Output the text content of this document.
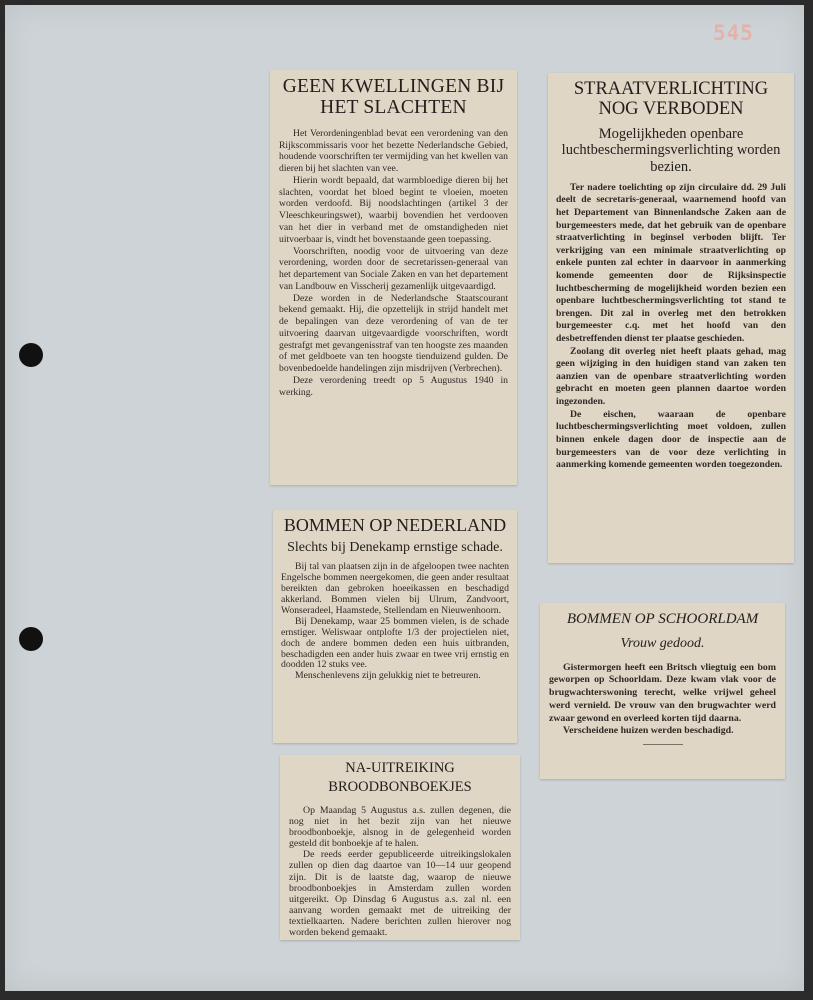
545
GEEN KWELLINGEN BIJ HET SLACHTEN

Het Verordeningenblad bevat een verordening van den Rijkscommissaris voor het bezette Nederlandsche Gebied, houdende voorschriften ter vermijding van het kwellen van dieren bij het slachten van vee.

Hierin wordt bepaald, dat warmbloedige dieren bij het slachten, voordat het bloed begint te vloeien, moeten worden verdoofd. Bij noodslachtingen (artikel 3 der Vleeschkeuringswet), waarbij bovendien het verdooven van het dier in verband met de omstandigheden niet uitvoerbaar is, vindt het bovenstaande geen toepassing.

Voorschriften, noodig voor de uitvoering van deze verordening, worden door de secretarissen-generaal van het departement van Sociale Zaken en van het departement van Landbouw en Visscherij gezamenlijk uitgevaardigd.

Deze worden in de Nederlandsche Staatscourant bekend gemaakt. Hij, die opzettelijk in strijd handelt met de bepalingen van deze verordening of van de ter uitvoering daarvan uitgevaardigde voorschriften, wordt gestrafgt met gevangenisstraf van ten hoogste zes maanden of met geldboete van ten hoogste tienduizend gulden. De bovenbedoelde handelingen zijn misdrijven (Verbrechen).

Deze verordening treedt op 5 Augustus 1940 in werking.

STRAATVERLICHTING NOG VERBODEN
Mogelijkheden openbare luchtbeschermingsverlichting worden bezien.

Ter nadere toelichting op zijn circulaire dd. 29 Juli deelt de secretaris-generaal, waarnemend hoofd van het Departement van Binnenlandsche Zaken aan de burgemeesters mede, dat het gebruik van de openbare straatverlichting in beginsel verboden blijft. Ter verkrijging van een minimale straatverlichting op enkele punten zal echter in daarvoor in aanmerking komende gemeenten door de Rijksinspectie luchtbescherming de mogelijkheid worden bezien een openbare luchtbeschermingsverlichting tot stand te brengen. Dit zal in overleg met den betrokken burgemeester c.q. met het hoofd van den desbetreffenden dienst ter plaatse geschieden.

Zoolang dit overleg niet heeft plaats gehad, mag geen wijziging in den huidigen stand van zaken ten aanzien van de openbare straatverlichting worden gebracht en moeten geen plannen daartoe worden ingezonden.

De eischen, waaraan de openbare luchtbeschermingsverlichting moet voldoen, zullen binnen enkele dagen door de inspectie aan de burgemeesters van de voor deze verlichting in aanmerking komende gemeenten worden toegezonden.

BOMMEN OP NEDERLAND
Slechts bij Denekamp ernstige schade.

Bij tal van plaatsen zijn in de afgeloopen twee nachten Engelsche bommen neergekomen, die geen ander resultaat bereikten dan gebroken hoeeikassen en beschadigd akkerland. Bommen vielen bij Ulrum, Zandvoort, Wonseradeel, Haamstede, Stellendam en Nieuwenhoorn.

Bij Denekamp, waar 25 bommen vielen, is de schade ernstiger. Weliswaar ontplofte 1/3 der projectielen niet, doch de andere bommen deden een huis uitbranden, beschadigden een ander huis zwaar en twee vrij ernstig en doodden 12 stuks vee.

Menschenlevens zijn gelukkig niet te betreuren.

BOMMEN OP SCHOORLDAM
Vrouw gedood.

Gistermorgen heeft een Britsch vliegtuig een bom geworpen op Schoorldam. Deze kwam vlak voor de brugwachterswoning terecht, welke vrijwel geheel werd vernield. De vrouw van den brugwachter werd zwaar gewond en overleed korten tijd daarna.

Verscheidene huizen werden beschadigd.

NA-UITREIKING BROODBONBOEKJES

Op Maandag 5 Augustus a.s. zullen degenen, die nog niet in het bezit zijn van het nieuwe broodbonboekje, alsnog in de gelegenheid worden gesteld dit bonboekje af te halen.

De reeds eerder gepubliceerde uitreikingslokalen zullen op dien dag daartoe van 10—14 uur geopend zijn. Dit is de laatste dag, waarop de nieuwe broodbonboekjes in Amsterdam zullen worden uitgereikt. Op Dinsdag 6 Augustus a.s. zal nl. een aanvang worden gemaakt met de uitreiking der textielkaarten. Nadere berichten zullen hierover nog worden bekend gemaakt.
